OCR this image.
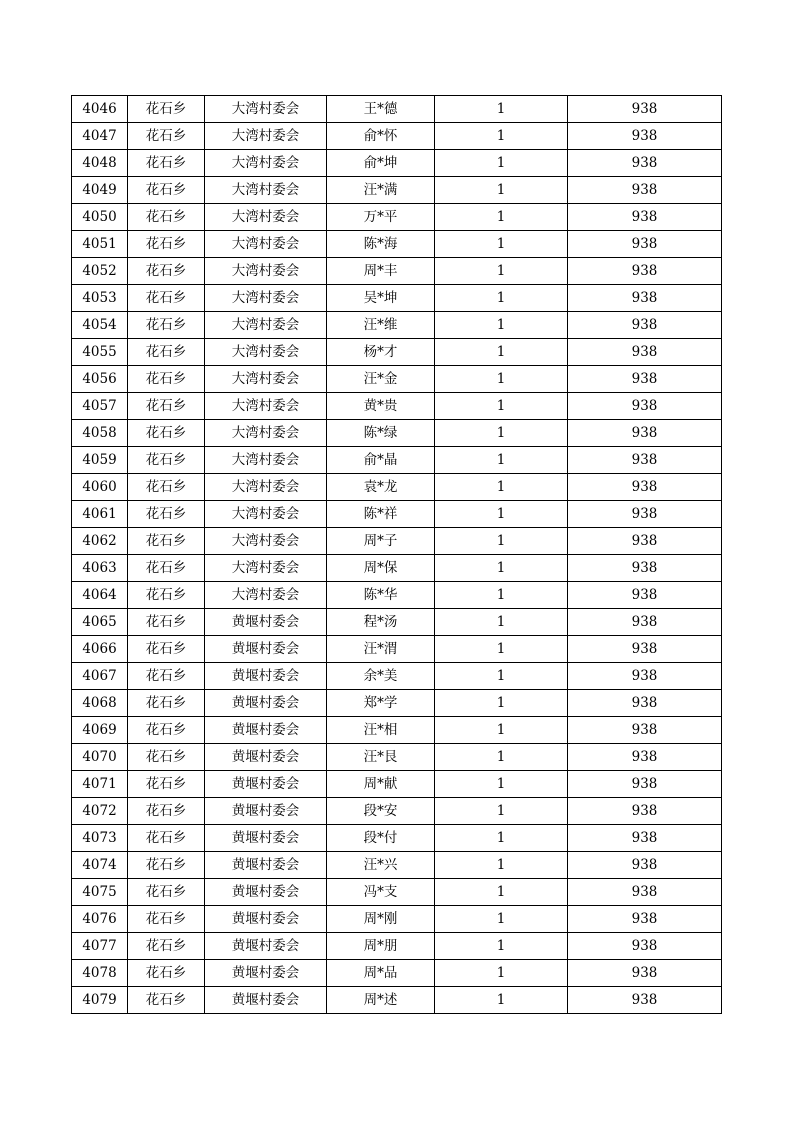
4046	花石乡	大湾村委会	王*德	1	938
4047	花石乡	大湾村委会	俞*怀	1	938
4048	花石乡	大湾村委会	俞*坤	1	938
4049	花石乡	大湾村委会	汪*满	1	938
4050	花石乡	大湾村委会	万*平	1	938
4051	花石乡	大湾村委会	陈*海	1	938
4052	花石乡	大湾村委会	周*丰	1	938
4053	花石乡	大湾村委会	吴*坤	1	938
4054	花石乡	大湾村委会	汪*维	1	938
4055	花石乡	大湾村委会	杨*才	1	938
4056	花石乡	大湾村委会	汪*金	1	938
4057	花石乡	大湾村委会	黄*贵	1	938
4058	花石乡	大湾村委会	陈*绿	1	938
4059	花石乡	大湾村委会	俞*晶	1	938
4060	花石乡	大湾村委会	袁*龙	1	938
4061	花石乡	大湾村委会	陈*祥	1	938
4062	花石乡	大湾村委会	周*子	1	938
4063	花石乡	大湾村委会	周*保	1	938
4064	花石乡	大湾村委会	陈*华	1	938
4065	花石乡	黄堰村委会	程*汤	1	938
4066	花石乡	黄堰村委会	汪*渭	1	938
4067	花石乡	黄堰村委会	余*美	1	938
4068	花石乡	黄堰村委会	郑*学	1	938
4069	花石乡	黄堰村委会	汪*相	1	938
4070	花石乡	黄堰村委会	汪*艮	1	938
4071	花石乡	黄堰村委会	周*献	1	938
4072	花石乡	黄堰村委会	段*安	1	938
4073	花石乡	黄堰村委会	段*付	1	938
4074	花石乡	黄堰村委会	汪*兴	1	938
4075	花石乡	黄堰村委会	冯*支	1	938
4076	花石乡	黄堰村委会	周*刚	1	938
4077	花石乡	黄堰村委会	周*朋	1	938
4078	花石乡	黄堰村委会	周*品	1	938
4079	花石乡	黄堰村委会	周*述	1	938
